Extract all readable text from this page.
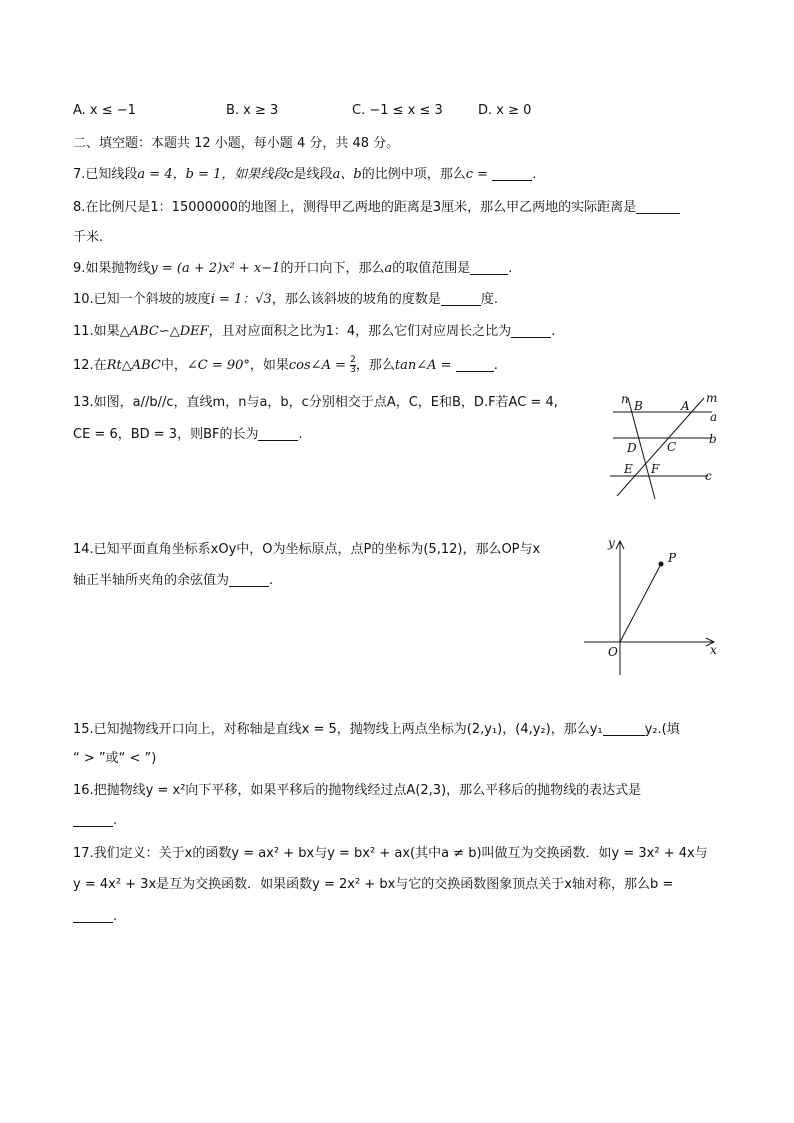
A. x ≤ −1	B. x ≥ 3	C. −1 ≤ x ≤ 3	D. x ≥ 0
二、填空题：本题共 12 小题，每小题 4 分，共 48 分。
7.已知线段a = 4，b = 1，如果线段c是线段a、b的比例中项，那么c =	.
8.在比例尺是1：15000000的地图上，测得甲乙两地的距离是3厘米，那么甲乙两地的实际距离是
千米.
9.如果抛物线y = (a + 2)x² + x−1的开口向下，那么a的取值范围是	.
10.已知一个斜坡的坡度i = 1：√3，那么该斜坡的坡角的度数是	度.
11.如果△ABC∽△DEF，且对应面积之比为1：4，那么它们对应周长之比为	.
12.在Rt△ABC中，∠C = 90°，如果cos∠A = $\frac{2}{3}$ ，那么tan∠A =	.
13.如图，a//b//c，直线m，n与a，b，c分别相交于点A，C，E和B，D.F若AC = 4,
CE = 6，BD = 3，则BF的长为	.
n B	A
m
a
b
D	C
E F	c
14.已知平面直角坐标系xOy中，O为坐标原点，点P的坐标为(5,12)，那么OP与x
轴正半轴所夹角的余弦值为	.
y
x
O
P
15.已知抛物线开口向上，对称轴是直线x = 5，抛物线上两点坐标为(2,y₁)，(4,y₂)，那么y₁	y₂.(填
“ > ”或“ < ”)
16.把抛物线y = x²向下平移，如果平移后的抛物线经过点A(2,3)，那么平移后的抛物线的表达式是
.
17.我们定义：关于x的函数y = ax² + bx与y = bx² + ax(其中a ≠ b)叫做互为交换函数．如y = 3x² + 4x与
y = 4x² + 3x是互为交换函数．如果函数y = 2x² + bx与它的交换函数图象顶点关于x轴对称，那么b =
.
